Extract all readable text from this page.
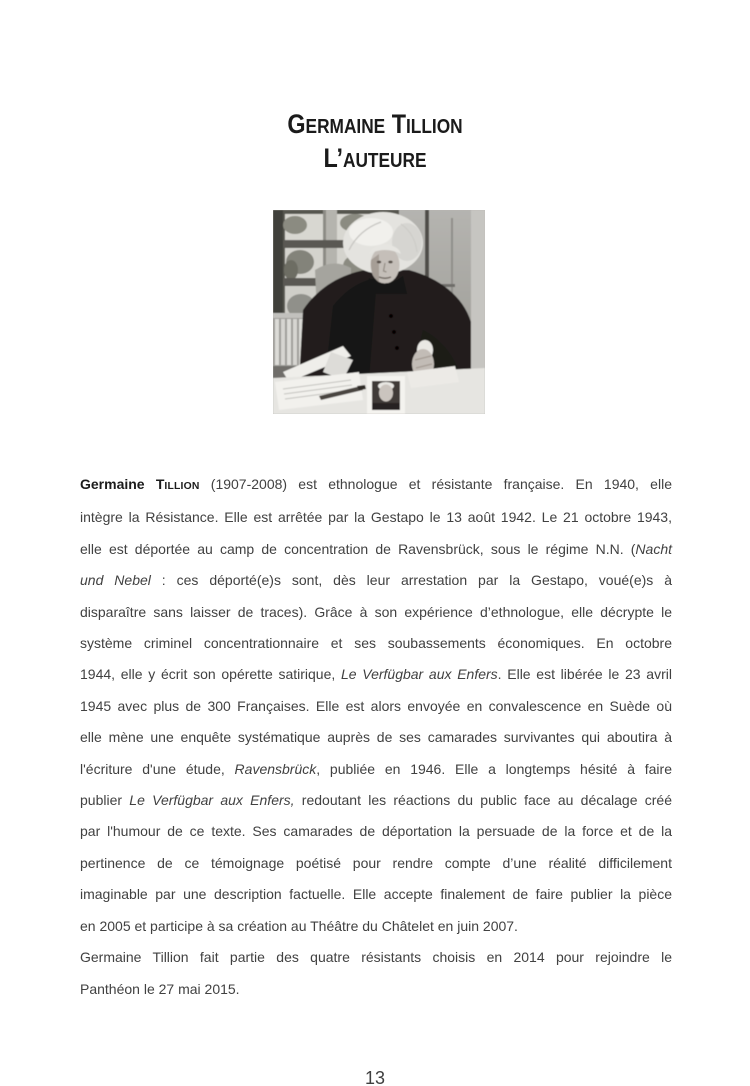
GERMAINE TILLION
L’AUTEURE
Germaine TILLION (1907-2008) est ethnologue et résistante française. En 1940, elle
intègre la Résistance. Elle est arrêtée par la Gestapo le 13 août 1942. Le 21 octobre 1943,
elle est déportée au camp de concentration de Ravensbrück, sous le régime N.N. (Nacht
und Nebel : ces déporté(e)s sont, dès leur arrestation par la Gestapo, voué(e)s à
disparaître sans laisser de traces). Grâce à son expérience d’ethnologue, elle décrypte le
système criminel concentrationnaire et ses soubassements économiques. En octobre
1944, elle y écrit son opérette satirique, Le Verfügbar aux Enfers. Elle est libérée le 23 avril
1945 avec plus de 300 Françaises. Elle est alors envoyée en convalescence en Suède où
elle mène une enquête systématique auprès de ses camarades survivantes qui aboutira à
l'écriture d'une étude, Ravensbrück, publiée en 1946. Elle a longtemps hésité à faire
publier Le Verfügbar aux Enfers, redoutant les réactions du public face au décalage créé
par l'humour de ce texte. Ses camarades de déportation la persuade de la force et de la
pertinence de ce témoignage poétisé pour rendre compte d’une réalité difficilement
imaginable par une description factuelle. Elle accepte finalement de faire publier la pièce
en 2005 et participe à sa création au Théâtre du Châtelet en juin 2007.
Germaine Tillion fait partie des quatre résistants choisis en 2014 pour rejoindre le
Panthéon le 27 mai 2015.
13
